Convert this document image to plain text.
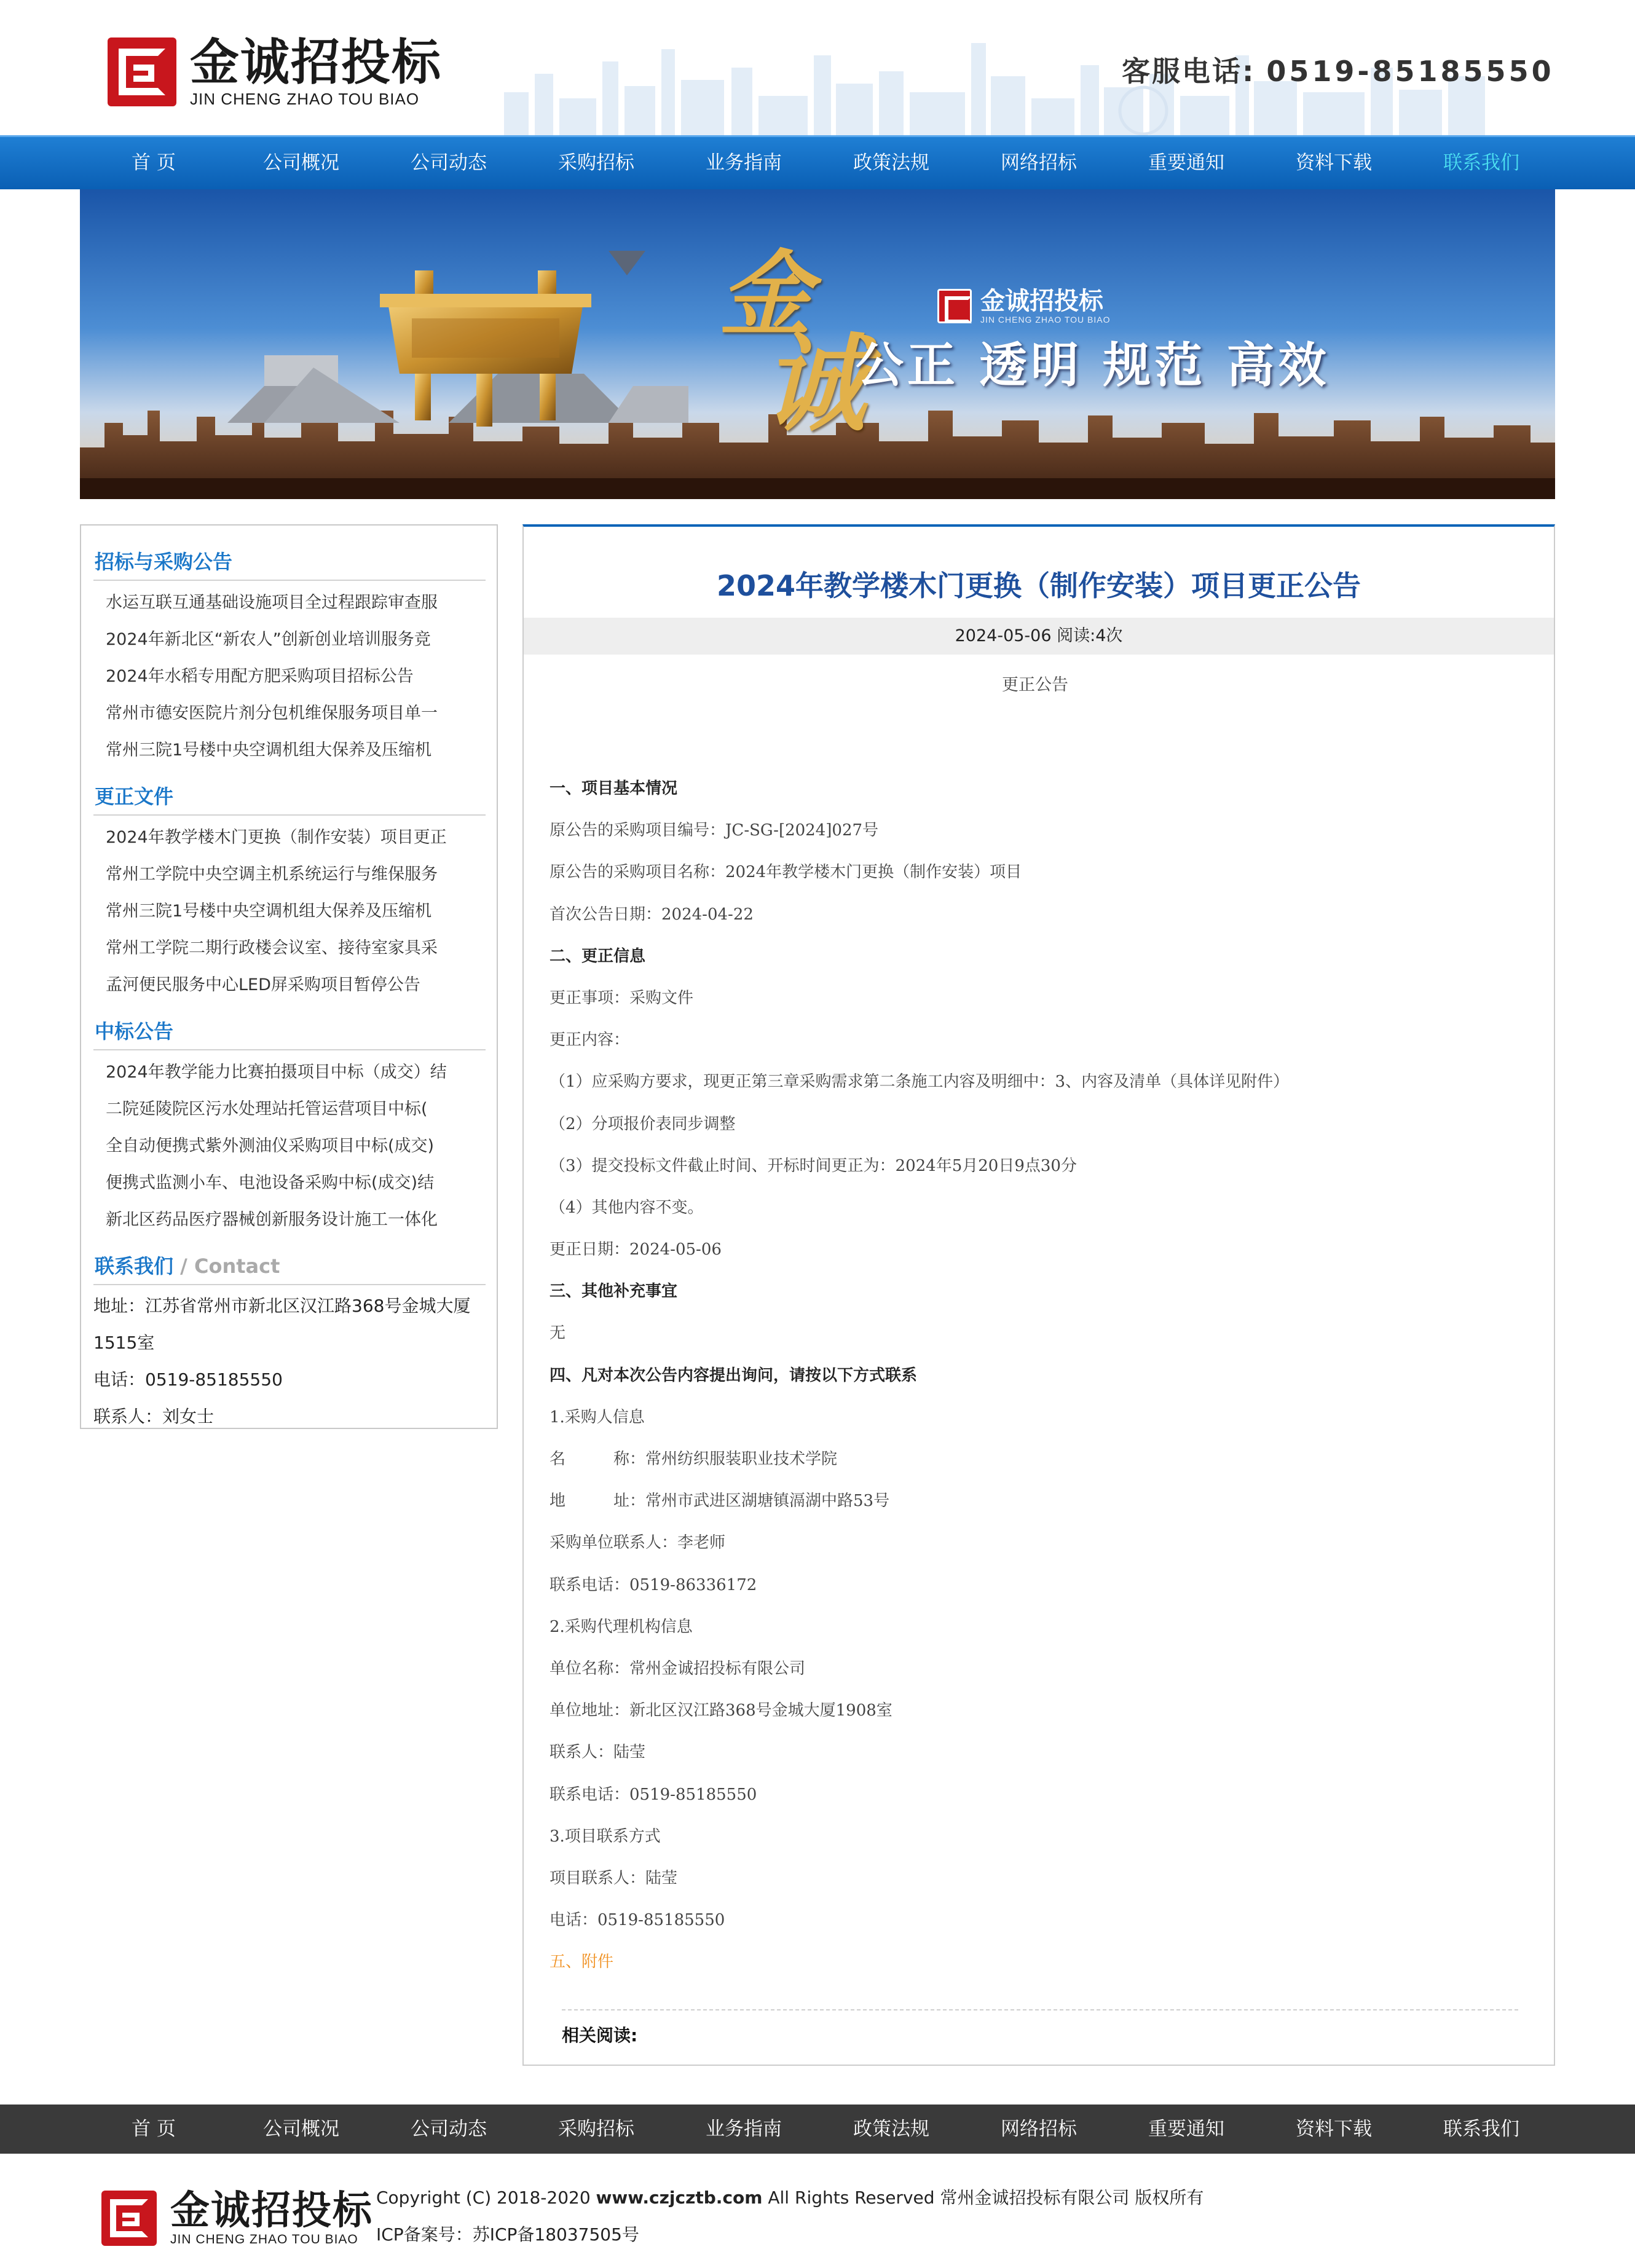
金诚招投标
JIN CHENG ZHAO TOU BIAO
客服电话: 0519-85185550
首 页	公司概况	公司动态	采购招标	业务指南	政策法规	网络招标	重要通知	资料下载	联系我们
金
诚
金诚招投标
JIN CHENG ZHAO TOU BIAO
公正 透明 规范 高效
招标与采购公告
水运互联互通基础设施项目全过程跟踪审查服
2024年新北区“新农人”创新创业培训服务竞
2024年水稻专用配方肥采购项目招标公告
常州市德安医院片剂分包机维保服务项目单一
常州三院1号楼中央空调机组大保养及压缩机
更正文件
2024年教学楼木门更换（制作安装）项目更正
常州工学院中央空调主机系统运行与维保服务
常州三院1号楼中央空调机组大保养及压缩机
常州工学院二期行政楼会议室、接待室家具采
孟河便民服务中心LED屏采购项目暂停公告
中标公告
2024年教学能力比赛拍摄项目中标（成交）结
二院延陵院区污水处理站托管运营项目中标(
全自动便携式紫外测油仪采购项目中标(成交)
便携式监测小车、电池设备采购中标(成交)结
新北区药品医疗器械创新服务设计施工一体化
联系我们 / Contact
地址：江苏省常州市新北区汉江路368号金城大厦
1515室
电话：0519-85185550
联系人：刘女士
2024年教学楼木门更换（制作安装）项目更正公告
2024-05-06 阅读:4次
更正公告

一、项目基本情况

原公告的采购项目编号：JC-SG-[2024]027号

原公告的采购项目名称：2024年教学楼木门更换（制作安装）项目

首次公告日期：2024-04-22

二、更正信息

更正事项：采购文件

更正内容：

（1）应采购方要求，现更正第三章采购需求第二条施工内容及明细中：3、内容及清单（具体详见附件）

（2）分项报价表同步调整

（3）提交投标文件截止时间、开标时间更正为：2024年5月20日9点30分

（4）其他内容不变。

更正日期：2024-05-06

三、其他补充事宜

无

四、凡对本次公告内容提出询问，请按以下方式联系

1.采购人信息

名　　　称：常州纺织服装职业技术学院

地　　　址：常州市武进区湖塘镇滆湖中路53号

采购单位联系人：李老师

联系电话：0519-86336172

2.采购代理机构信息

单位名称：常州金诚招投标有限公司

单位地址：新北区汉江路368号金城大厦1908室

联系人：陆莹

联系电话：0519-85185550

3.项目联系方式

项目联系人：陆莹

电话：0519-85185550

五、附件

相关阅读:
首 页	公司概况	公司动态	采购招标	业务指南	政策法规	网络招标	重要通知	资料下载	联系我们
金诚招投标
JIN CHENG ZHAO TOU BIAO
Copyright (C) 2018-2020 www.czjcztb.com All Rights Reserved 常州金诚招投标有限公司 版权所有
ICP备案号：苏ICP备18037505号
